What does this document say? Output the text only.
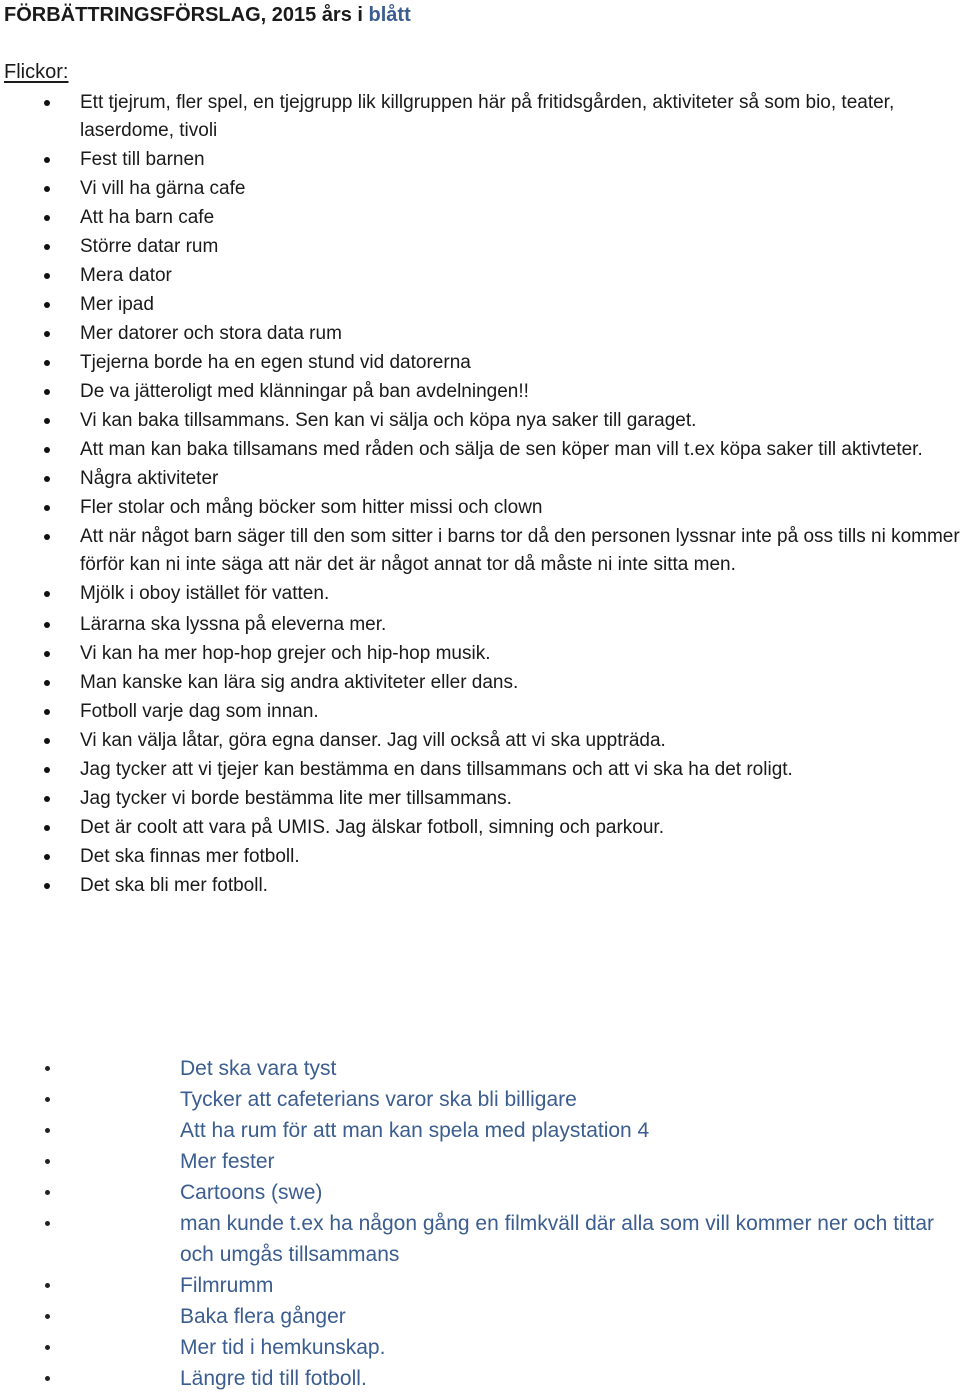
FÖRBÄTTRINGSFÖRSLAG, 2015 års i blått
Flickor:
Ett tjejrum, fler spel, en tjejgrupp lik killgruppen här på fritidsgården, aktiviteter så som bio, teater, laserdome, tivoli
Fest till barnen
Vi vill ha gärna cafe
Att ha barn cafe
Större datar rum
Mera dator
Mer ipad
Mer datorer och stora data rum
Tjejerna borde ha en egen stund vid datorerna
De va jätteroligt med klänningar på ban avdelningen!!
Vi kan baka tillsammans. Sen kan vi sälja och köpa nya saker till garaget.
Att man kan baka tillsamans med råden och sälja de sen köper man vill t.ex köpa saker till aktivteter.
Några aktiviteter
Fler stolar och mång böcker som hitter missi och clown
Att när något barn säger till den som sitter i barns tor då den personen lyssnar inte på oss tills ni kommer förför kan ni inte säga att när det är något annat tor då måste ni inte sitta men.
Mjölk i oboy istället för vatten.
Lärarna ska lyssna på eleverna mer.
Vi kan ha mer hop-hop grejer och hip-hop musik.
Man kanske kan lära sig andra aktiviteter eller dans.
Fotboll varje dag som innan.
Vi kan välja låtar, göra egna danser. Jag vill också att vi ska uppträda.
Jag tycker att vi tjejer kan bestämma en dans tillsammans och att vi ska ha det roligt.
Jag tycker vi borde bestämma lite mer tillsammans.
Det är coolt att vara på UMIS. Jag älskar fotboll, simning och parkour.
Det ska finnas mer fotboll.
Det ska bli mer fotboll.
Det ska vara tyst
Tycker att cafeterians varor ska bli billigare
Att ha rum för att man kan spela med playstation 4
Mer fester
Cartoons (swe)
man kunde t.ex ha någon gång en filmkväll där alla som vill kommer ner och tittar och umgås tillsammans
Filmrumm
Baka flera gånger
Mer tid i hemkunskap.
Längre tid till fotboll.
